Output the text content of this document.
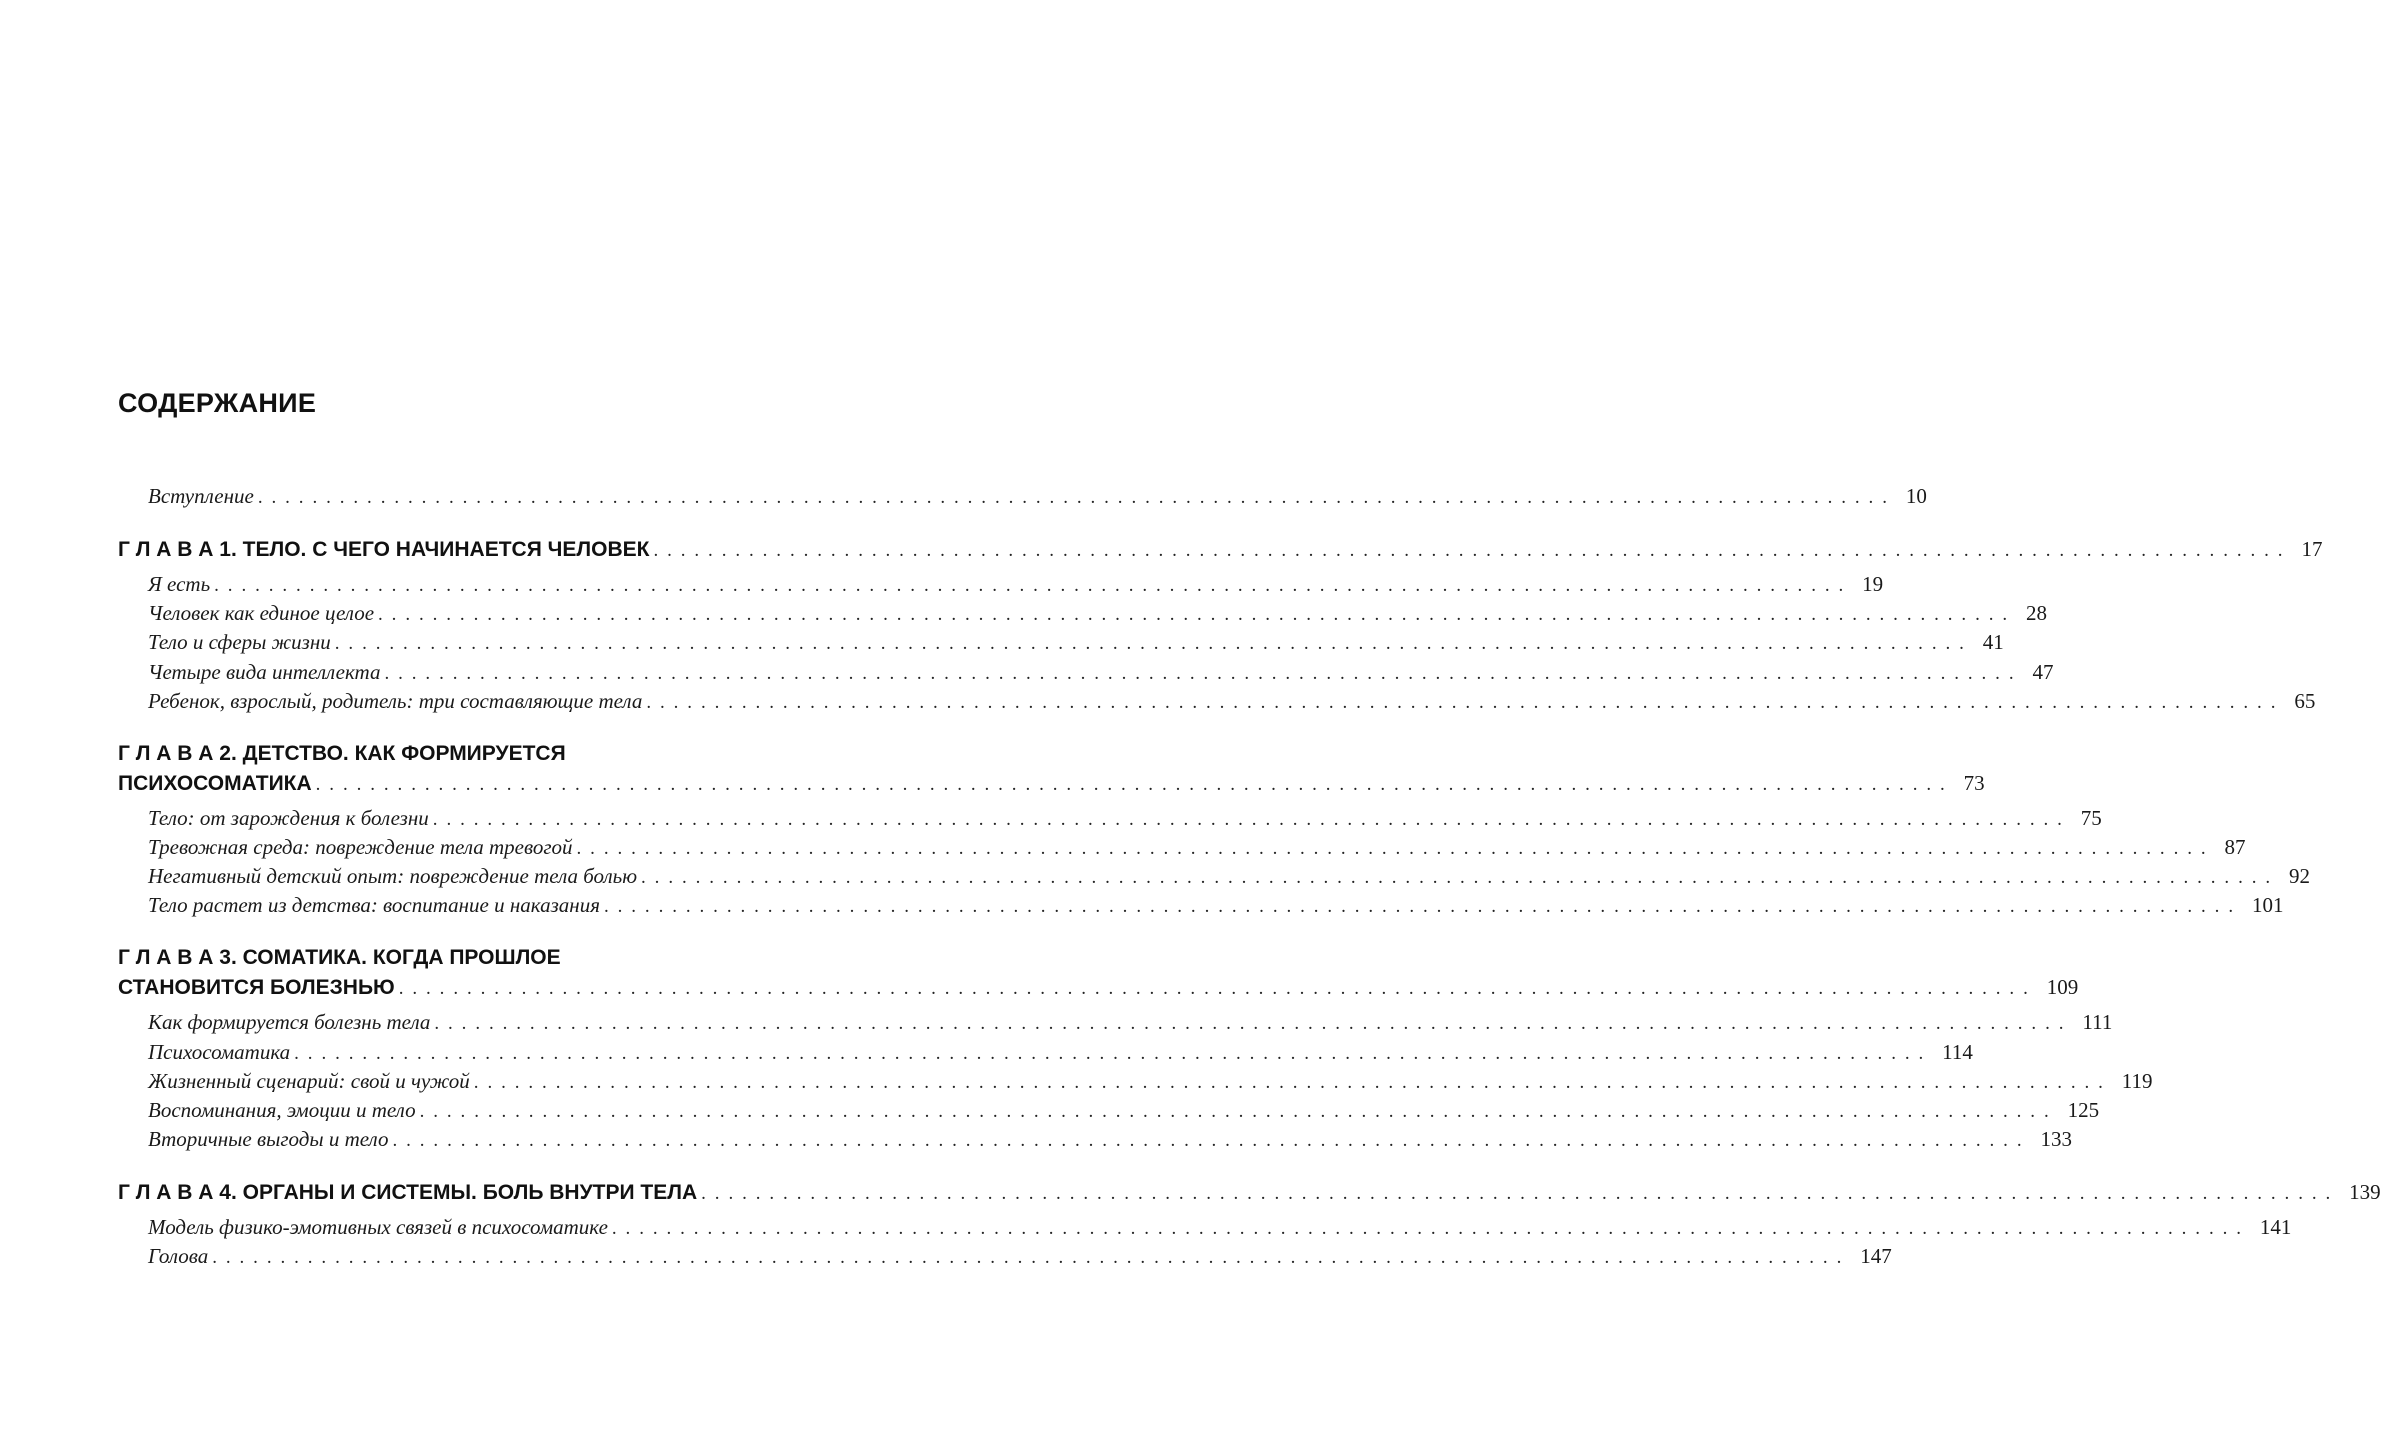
СОДЕРЖАНИЕ
Вступление ........................................................................................................................ 10
Г Л А В А 1. ТЕЛО. С ЧЕГО НАЧИНАЕТСЯ ЧЕЛОВЕК ........................................................................................................................ 17
Я есть ........................................................................................................................ 19
Человек как единое целое ........................................................................................................................ 28
Тело и сферы жизни ........................................................................................................................ 41
Четыре вида интеллекта ........................................................................................................................ 47
Ребенок, взрослый, родитель: три составляющие тела ........................................................................................................................ 65
Г Л А В А 2. ДЕТСТВО. КАК ФОРМИРУЕТСЯ
ПСИХОСОМАТИКА ........................................................................................................................ 73
Тело: от зарождения к болезни ........................................................................................................................ 75
Тревожная среда: повреждение тела тревогой ........................................................................................................................ 87
Негативный детский опыт: повреждение тела болью ........................................................................................................................ 92
Тело растет из детства: воспитание и наказания ........................................................................................................................ 101
Г Л А В А 3. СОМАТИКА. КОГДА ПРОШЛОЕ
СТАНОВИТСЯ БОЛЕЗНЬЮ ........................................................................................................................ 109
Как формируется болезнь тела ........................................................................................................................ 111
Психосоматика ........................................................................................................................ 114
Жизненный сценарий: свой и чужой ........................................................................................................................ 119
Воспоминания, эмоции и тело ........................................................................................................................ 125
Вторичные выгоды и тело ........................................................................................................................ 133
Г Л А В А 4. ОРГАНЫ И СИСТЕМЫ. БОЛЬ ВНУТРИ ТЕЛА ........................................................................................................................ 139
Модель физико-эмотивных связей в психосоматике ........................................................................................................................ 141
Голова ........................................................................................................................ 147
